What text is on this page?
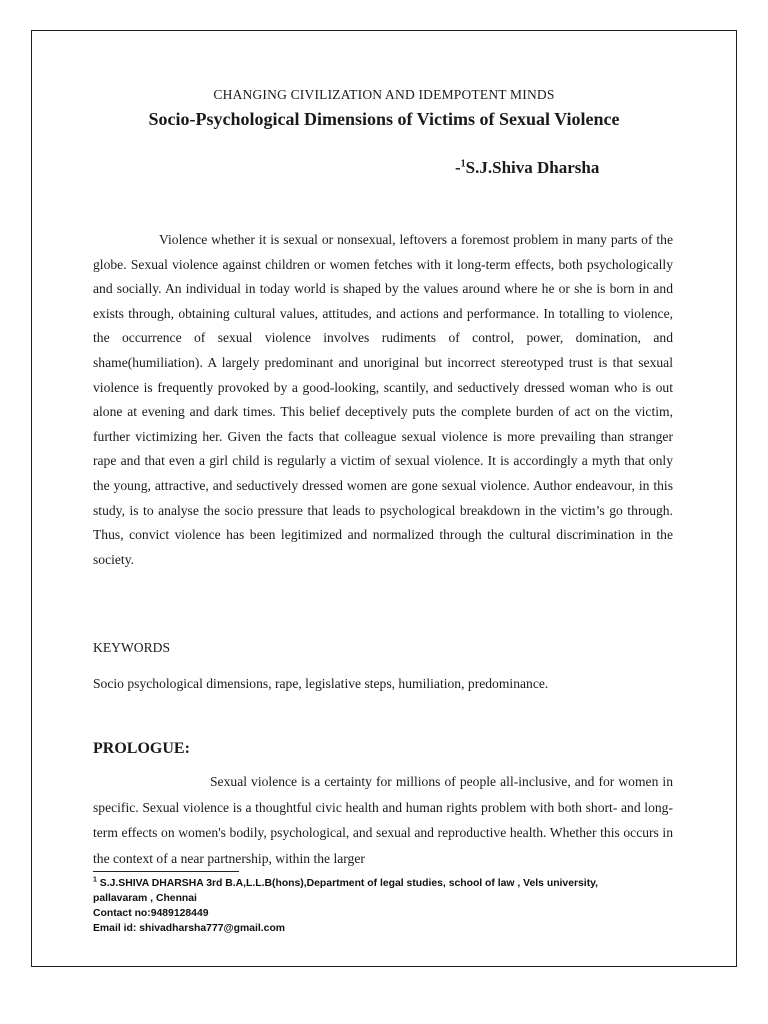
CHANGING CIVILIZATION AND IDEMPOTENT MINDS
Socio-Psychological Dimensions of Victims of Sexual Violence
-$^1$S.J.Shiva Dharsha

Violence whether it is sexual or nonsexual, leftovers a foremost problem in many parts of the globe. Sexual violence against children or women fetches with it long-term effects, both psychologically and socially. An individual in today world is shaped by the values around where he or she is born in and exists through, obtaining cultural values, attitudes, and actions and performance. In totalling to violence, the occurrence of sexual violence involves rudiments of control, power, domination, and shame(humiliation). A largely predominant and unoriginal but incorrect stereotyped trust is that sexual violence is frequently provoked by a good-looking, scantily, and seductively dressed woman who is out alone at evening and dark times. This belief deceptively puts the complete burden of act on the victim, further victimizing her. Given the facts that colleague sexual violence is more prevailing than stranger rape and that even a girl child is regularly a victim of sexual violence. It is accordingly a myth that only the young, attractive, and seductively dressed women are gone sexual violence. Author endeavour, in this study, is to analyse the socio pressure that leads to psychological breakdown in the victim’s go through. Thus, convict violence has been legitimized and normalized through the cultural discrimination in the society.

KEYWORDS
Socio psychological dimensions, rape, legislative steps, humiliation, predominance.
PROLOGUE:

Sexual violence is a certainty for millions of people all-inclusive, and for women in specific. Sexual violence is a thoughtful civic health and human rights problem with both short- and long-term effects on women's bodily, psychological, and sexual and reproductive health. Whether this occurs in the context of a near partnership, within the larger

$^1$ S.J.SHIVA DHARSHA 3rd B.A,L.L.B(hons),Department of legal studies, school of law , Vels university,
pallavaram , Chennai
Contact no:9489128449
Email id: shivadharsha777@gmail.com
